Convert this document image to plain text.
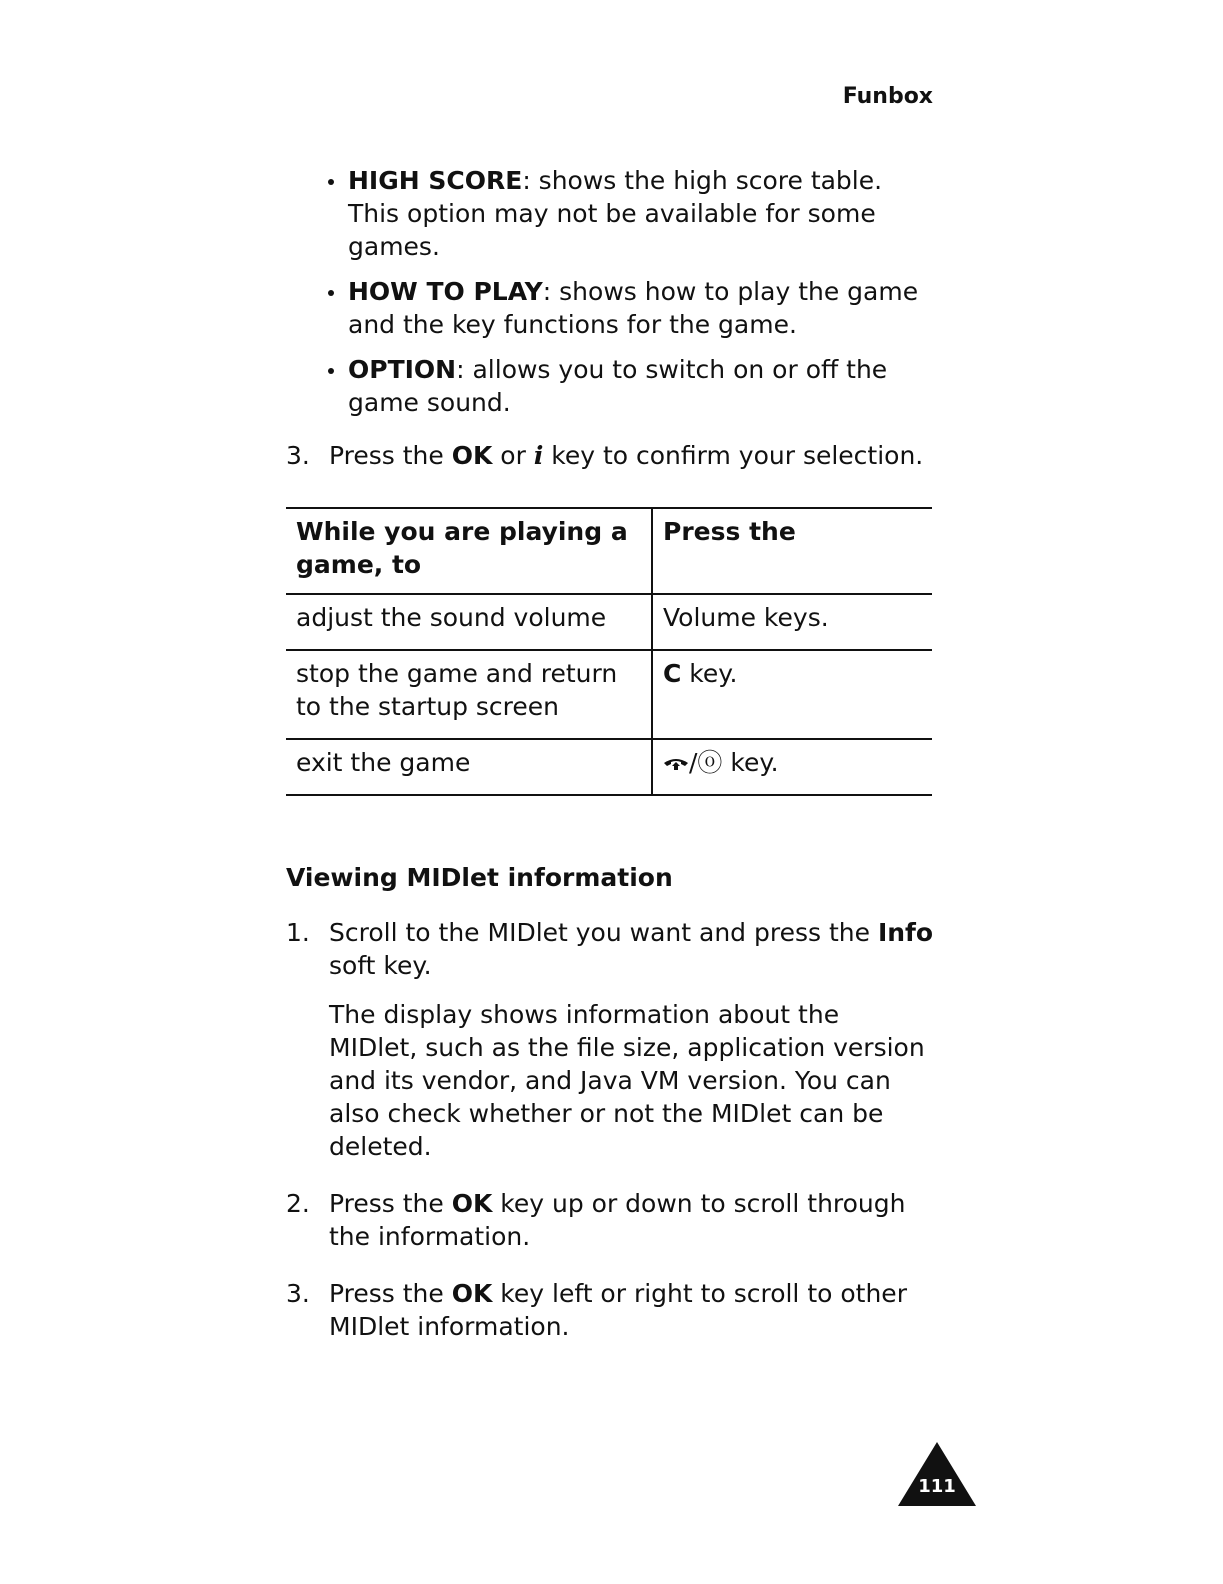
Funbox
HIGH SCORE: shows the high score table. This option may not be available for some games.
HOW TO PLAY: shows how to play the game and the key functions for the game.
OPTION: allows you to switch on or off the game sound.
3. Press the OK or i key to confirm your selection.
While you are playing a game, to	Press the
adjust the sound volume	Volume keys.
stop the game and return to the startup screen	C key.
exit the game	/ⓞ key.
Viewing MIDlet information
1. Scroll to the MIDlet you want and press the Info soft key.

The display shows information about the MIDlet, such as the file size, application version and its vendor, and Java VM version. You can also check whether or not the MIDlet can be deleted.

2. Press the OK key up or down to scroll through the information.
3. Press the OK key left or right to scroll to other MIDlet information.
111
